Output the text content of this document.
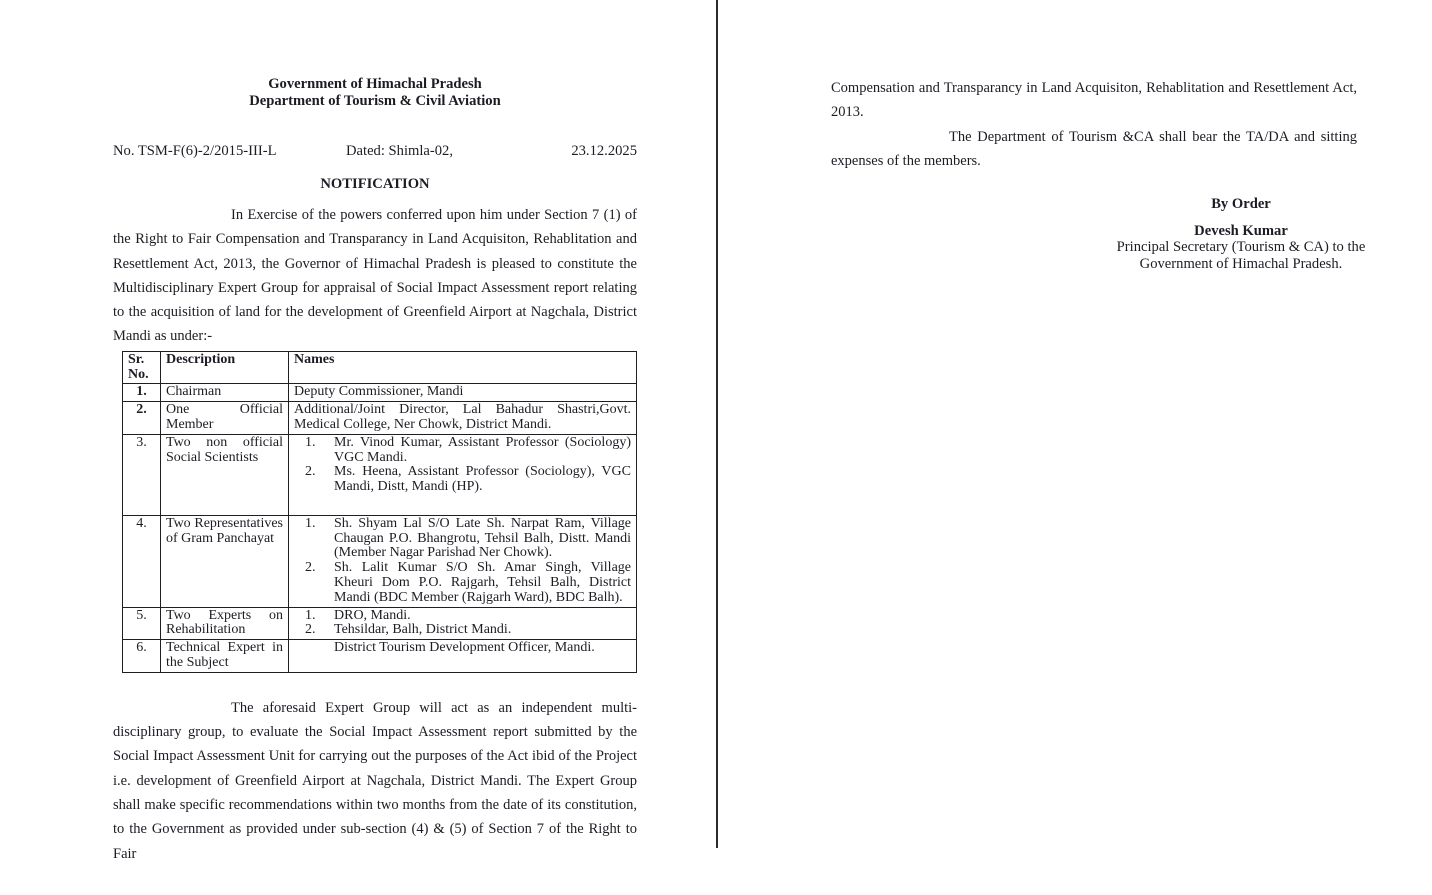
Government of Himachal Pradesh
Department of Tourism & Civil Aviation
No. TSM-F(6)-2/2015-III-L	Dated: Shimla-02,	23.12.2025
NOTIFICATION

In Exercise of the powers conferred upon him under Section 7 (1) of the Right to Fair Compensation and Transparancy in Land Acquisiton, Rehablitation and Resettlement Act, 2013, the Governor of Himachal Pradesh is pleased to constitute the Multidisciplinary Expert Group for appraisal of Social Impact Assessment report relating to the acquisition of land for the development of Greenfield Airport at Nagchala, District Mandi as under:-

Sr. No.	Description	Names
1.	Chairman	Deputy Commissioner, Mandi
2.	One Official Member	Additional/Joint Director, Lal Bahadur Shastri,Govt. Medical College, Ner Chowk, District Mandi.
3.	Two non official Social Scientists	1. Mr. Vinod Kumar, Assistant Professor (Sociology) VGC Mandi.
2. Ms. Heena, Assistant Professor (Sociology), VGC Mandi, Distt, Mandi (HP).

4.	Two Representatives of Gram Panchayat	1. Sh. Shyam Lal S/O Late Sh. Narpat Ram, Village Chaugan P.O. Bhangrotu, Tehsil Balh, Distt. Mandi (Member Nagar Parishad Ner Chowk).
2. Sh. Lalit Kumar S/O Sh. Amar Singh, Village Kheuri Dom P.O. Rajgarh, Tehsil Balh, District Mandi (BDC Member (Rajgarh Ward), BDC Balh).

5.	Two Experts on Rehabilitation	1. DRO, Mandi.
2. Tehsildar, Balh, District Mandi.

6.	Technical Expert in the Subject	District Tourism Development Officer, Mandi.

The aforesaid Expert Group will act as an independent multi-disciplinary group, to evaluate the Social Impact Assessment report submitted by the Social Impact Assessment Unit for carrying out the purposes of the Act ibid of the Project i.e. development of Greenfield Airport at Nagchala, District Mandi. The Expert Group shall make specific recommendations within two months from the date of its constitution, to the Government as provided under sub-section (4) & (5) of Section 7 of the Right to Fair

Compensation and Transparancy in Land Acquisiton, Rehablitation and Resettlement Act, 2013.

The Department of Tourism &CA shall bear the TA/DA and sitting expenses of the members.

By Order
Devesh Kumar
Principal Secretary (Tourism & CA) to the
Government of Himachal Pradesh.
